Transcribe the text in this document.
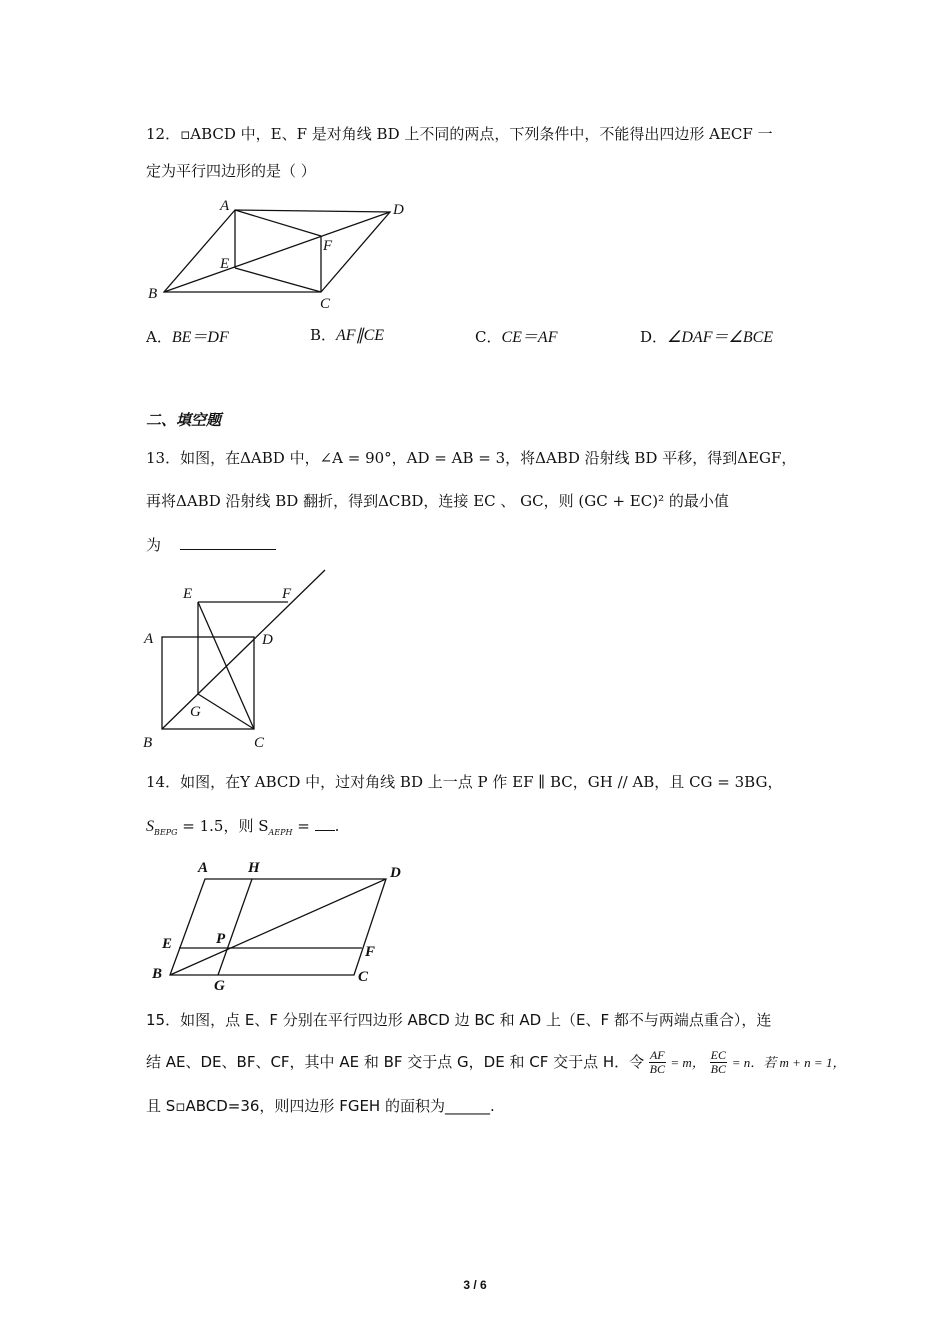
12．▫ABCD 中，E、F 是对角线 BD 上不同的两点，下列条件中，不能得出四边形 AECF 一
定为平行四边形的是（ ）
A	D
F
E
B
C
A．BE＝DF	B．AF∥CE	C．CE＝AF	D．∠DAF＝∠BCE
二、填空题
13．如图，在ΔABD 中，∠A = 90°，AD = AB = 3，将ΔABD 沿射线 BD 平移，得到ΔEGF，
再将ΔABD 沿射线 BD 翻折，得到ΔCBD，连接 EC 、 GC，则 (GC + EC)² 的最小值
为
E	F
A	D
G
B	C
14．如图，在Y ABCD 中，过对角线 BD 上一点 P 作 EF ∥ BC，GH // AB，且 CG = 3BG，
$S_{BEPG} = 1.5$，则 $S_{AEPH}$ = .
A	H	D
E	P
F
B
G
C
15．如图，点 E、F 分别在平行四边形 ABCD 边 BC 和 AD 上（E、F 都不与两端点重合），连
结 AE、DE、BF、CF，其中 AE 和 BF 交于点 G，DE 和 CF 交于点 H．令 $\frac{AF}{BC} = m$， $\frac{EC}{BC} = n$．若 m + n = 1，
且 S▫ABCD=36，则四边形 FGEH 的面积为______.
3 / 6
